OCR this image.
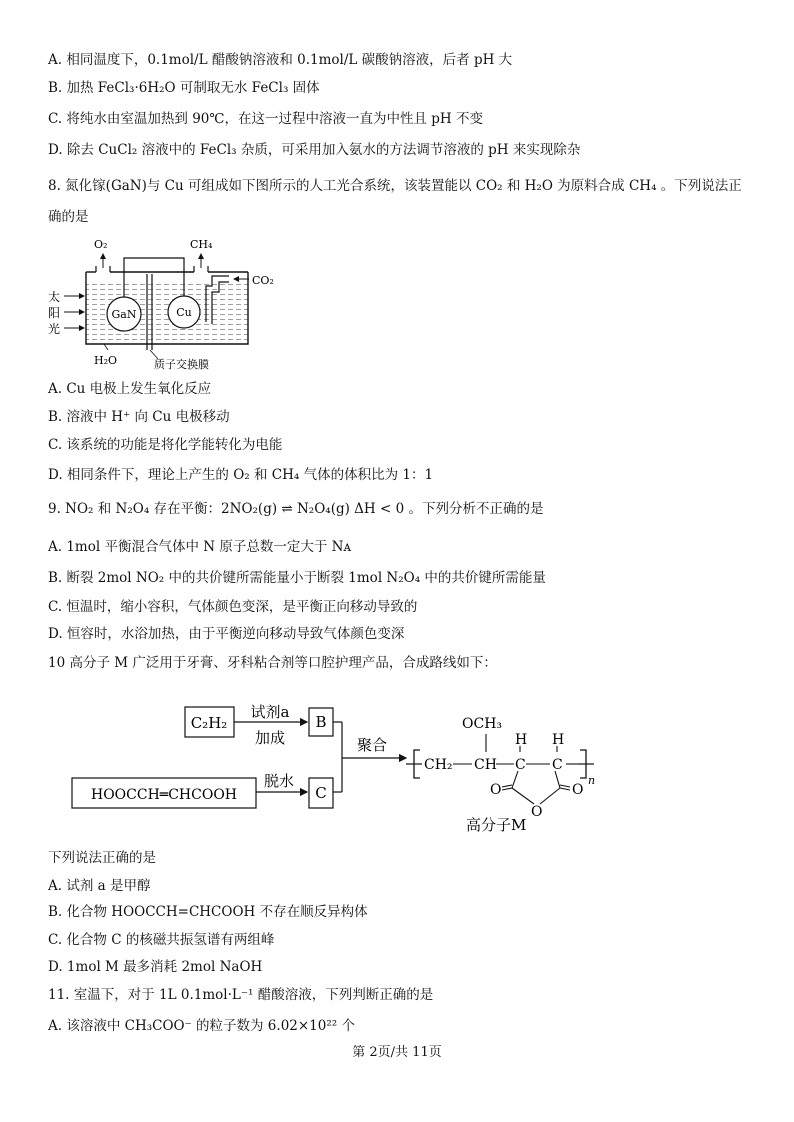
A. 相同温度下，0.1mol/L 醋酸钠溶液和 0.1mol/L 碳酸钠溶液，后者 pH 大
B. 加热 FeCl₃·6H₂O 可制取无水 FeCl₃ 固体
C. 将纯水由室温加热到 90℃，在这一过程中溶液一直为中性且 pH 不变
D. 除去 CuCl₂ 溶液中的 FeCl₃ 杂质，可采用加入氨水的方法调节溶液的 pH 来实现除杂
8. 氮化镓(GaN)与 Cu 可组成如下图所示的人工光合系统，该装置能以 CO₂ 和 H₂O 为原料合成 CH₄ 。下列说法正
确的是
O₂	CH₄
CO₂
太
阳
光
GaN	Cu
H₂O	质子交换膜
A. Cu 电极上发生氧化反应
B. 溶液中 H⁺ 向 Cu 电极移动
C. 该系统的功能是将化学能转化为电能
D. 相同条件下，理论上产生的 O₂ 和 CH₄ 气体的体积比为 1：1
9. NO₂ 和 N₂O₄ 存在平衡：2NO₂(g) ⇌ N₂O₄(g) ΔH < 0 。下列分析不正确的是
A. 1mol 平衡混合气体中 N 原子总数一定大于 Nᴀ
B. 断裂 2mol NO₂ 中的共价键所需能量小于断裂 1mol N₂O₄ 中的共价键所需能量
C. 恒温时，缩小容积，气体颜色变深，是平衡正向移动导致的
D. 恒容时，水浴加热，由于平衡逆向移动导致气体颜色变深
10 高分子 M 广泛用于牙膏、牙科粘合剂等口腔护理产品，合成路线如下：
C₂H₂
试剂a
加成
B
HOOCCH═CHCOOH
脱水
C
聚合
CH₂ CH
OCH₃
C
H
C
H
n
O	O
O
高分子M
下列说法正确的是
A. 试剂 a 是甲醇
B. 化合物 HOOCCH=CHCOOH 不存在顺反异构体
C. 化合物 C 的核磁共振氢谱有两组峰
D. 1mol M 最多消耗 2mol NaOH
11. 室温下，对于 1L 0.1mol·L⁻¹ 醋酸溶液，下列判断正确的是
A. 该溶液中 CH₃COO⁻ 的粒子数为 6.02×10²² 个
第 2页/共 11页
